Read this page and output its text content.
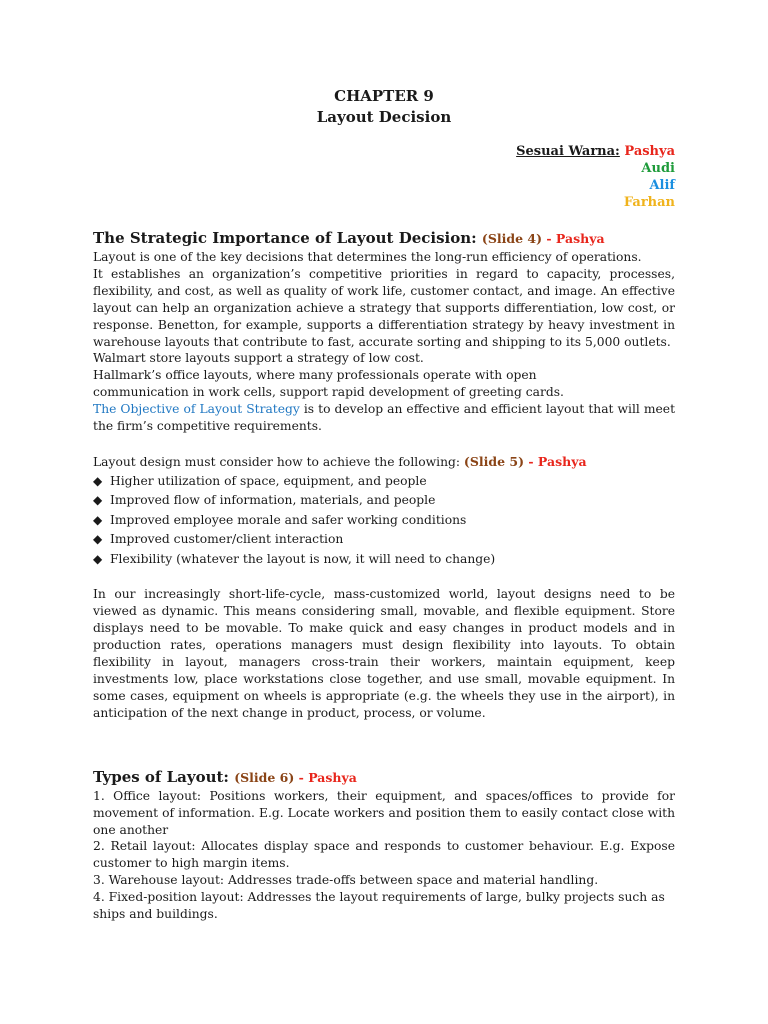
CHAPTER 9
Layout Decision
Sesuai Warna: Pashya
Audi
Alif
Farhan
The Strategic Importance of Layout Decision: (Slide 4) - Pashya

Layout is one of the key decisions that determines the long-run efficiency of operations.

It establishes an organization’s competitive priorities in regard to capacity, processes, flexibility, and cost, as well as quality of work life, customer contact, and image. An effective layout can help an organization achieve a strategy that supports differentiation, low cost, or response. Benetton, for example, supports a differentiation strategy by heavy investment in warehouse layouts that contribute to fast, accurate sorting and shipping to its 5,000 outlets.

Walmart store layouts support a strategy of low cost.

Hallmark’s office layouts, where many professionals operate with open

communication in work cells, support rapid development of greeting cards.

The Objective of Layout Strategy is to develop an effective and efficient layout that will meet the firm’s competitive requirements.

Layout design must consider how to achieve the following: (Slide 5) - Pashya

◆ Higher utilization of space, equipment, and people
◆ Improved flow of information, materials, and people
◆ Improved employee morale and safer working conditions
◆ Improved customer/client interaction
◆ Flexibility (whatever the layout is now, it will need to change)

In our increasingly short-life-cycle, mass-customized world, layout designs need to be viewed as dynamic. This means considering small, movable, and flexible equipment. Store displays need to be movable. To make quick and easy changes in product models and in production rates, operations managers must design flexibility into layouts. To obtain flexibility in layout, managers cross-train their workers, maintain equipment, keep investments low, place workstations close together, and use small, movable equipment. In some cases, equipment on wheels is appropriate (e.g. the wheels they use in the airport), in anticipation of the next change in product, process, or volume.

Types of Layout: (Slide 6) - Pashya

1. Office layout: Positions workers, their equipment, and spaces/offices to provide for movement of information. E.g. Locate workers and position them to easily contact close with one another

2. Retail layout: Allocates display space and responds to customer behaviour. E.g. Expose customer to high margin items.

3. Warehouse layout: Addresses trade-offs between space and material handling.

4. Fixed-position layout: Addresses the layout requirements of large, bulky projects such as ships and buildings.
